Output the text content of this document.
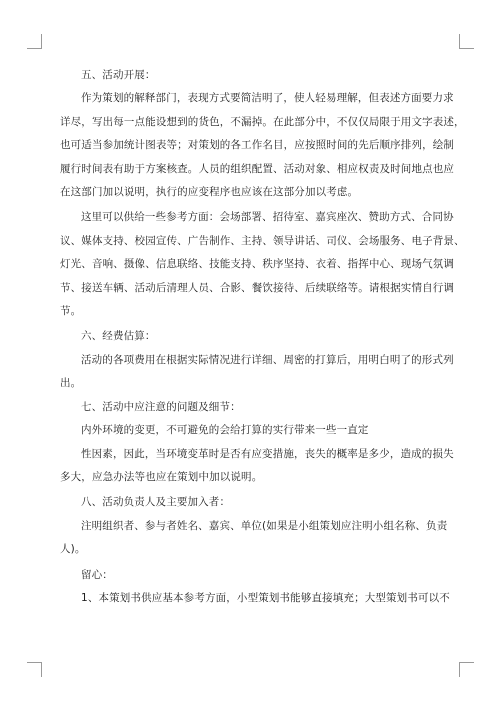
五、活动开展：

作为策划的解释部门，表现方式要简洁明了，使人轻易理解，但表述方面要力求

详尽，写出每一点能设想到的货色，不漏掉。在此部分中，不仅仅局限于用文字表述，

也可适当参加统计图表等；对策划的各工作名目，应按照时间的先后顺序排列，绘制

履行时间表有助于方案核查。人员的组织配置、活动对象、相应权责及时间地点也应

在这部门加以说明，执行的应变程序也应该在这部分加以考虑。

这里可以供给一些参考方面：会场部署、招待室、嘉宾座次、赞助方式、合同协

议、媒体支持、校园宣传、广告制作、主持、领导讲话、司仪、会场服务、电子背景、

灯光、音响、摄像、信息联络、技能支持、秩序坚持、衣着、指挥中心、现场气氛调

节、接送车辆、活动后清理人员、合影、餐饮接待、后续联络等。请根据实情自行调

节。

六、经费估算：

活动的各项费用在根据实际情况进行详细、周密的打算后，用明白明了的形式列

出。

七、活动中应注意的问题及细节：

内外环境的变更，不可避免的会给打算的实行带来一些一直定

性因素，因此，当环境变革时是否有应变措施，丧失的概率是多少，造成的损失

多大，应急办法等也应在策划中加以说明。

八、活动负责人及主要加入者：

注明组织者、参与者姓名、嘉宾、单位(如果是小组策划应注明小组名称、负责

人)。

留心：

1、本策划书供应基本参考方面，小型策划书能够直接填充；大型策划书可以不
